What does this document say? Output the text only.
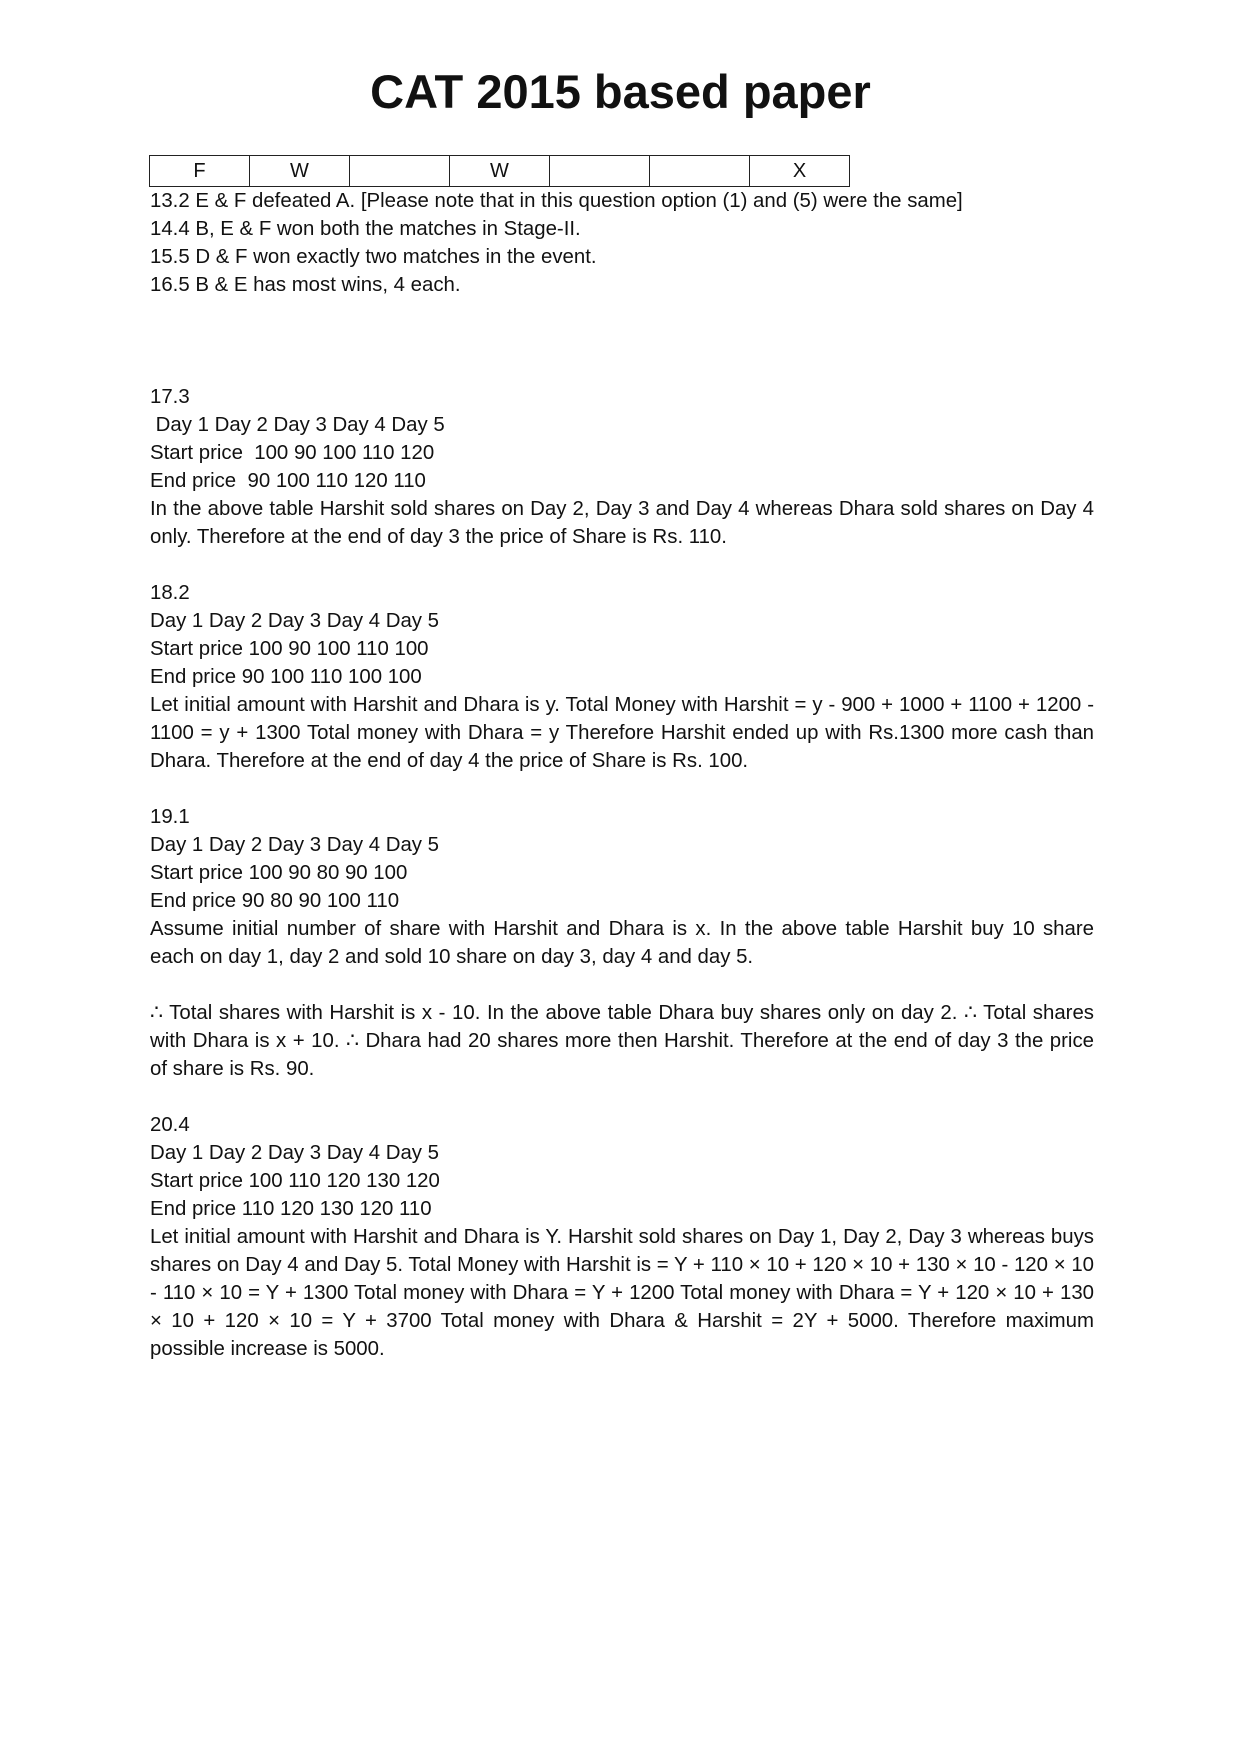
CAT 2015 based paper
F	W		W			X
13.2 E & F defeated A. [Please note that in this question option (1) and (5) were the same]
14.4 B, E & F won both the matches in Stage-II.
15.5 D & F won exactly two matches in the event.
16.5 B & E has most wins, 4 each.
17.3
Day 1 Day 2 Day 3 Day 4 Day 5
Start price  100 90 100 110 120
End price  90 100 110 120 110
In the above table Harshit sold shares on Day 2, Day 3 and Day 4 whereas Dhara sold shares on Day 4 only. Therefore at the end of day 3 the price of Share is Rs. 110.
18.2
Day 1 Day 2 Day 3 Day 4 Day 5
Start price 100 90 100 110 100
End price 90 100 110 100 100
Let initial amount with Harshit and Dhara is y. Total Money with Harshit = y - 900 + 1000 + 1100 + 1200 - 1100 = y + 1300 Total money with Dhara = y Therefore Harshit ended up with Rs.1300 more cash than Dhara. Therefore at the end of day 4 the price of Share is Rs. 100.
19.1
Day 1 Day 2 Day 3 Day 4 Day 5
Start price 100 90 80 90 100
End price 90 80 90 100 110
Assume initial number of share with Harshit and Dhara is x. In the above table Harshit buy 10 share each on day 1, day 2 and sold 10 share on day 3, day 4 and day 5.
∴ Total shares with Harshit is x - 10. In the above table Dhara buy shares only on day 2. ∴ Total shares with Dhara is x + 10. ∴ Dhara had 20 shares more then Harshit. Therefore at the end of day 3 the price of share is Rs. 90.
20.4
Day 1 Day 2 Day 3 Day 4 Day 5
Start price 100 110 120 130 120
End price 110 120 130 120 110
Let initial amount with Harshit and Dhara is Y. Harshit sold shares on Day 1, Day 2, Day 3 whereas buys shares on Day 4 and Day 5. Total Money with Harshit is = Y + 110 × 10 + 120 × 10 + 130 × 10 - 120 × 10 - 110 × 10 = Y + 1300 Total money with Dhara = Y + 1200 Total money with Dhara = Y + 120 × 10 + 130 × 10 + 120 × 10 = Y + 3700 Total money with Dhara & Harshit = 2Y + 5000. Therefore maximum possible increase is 5000.
